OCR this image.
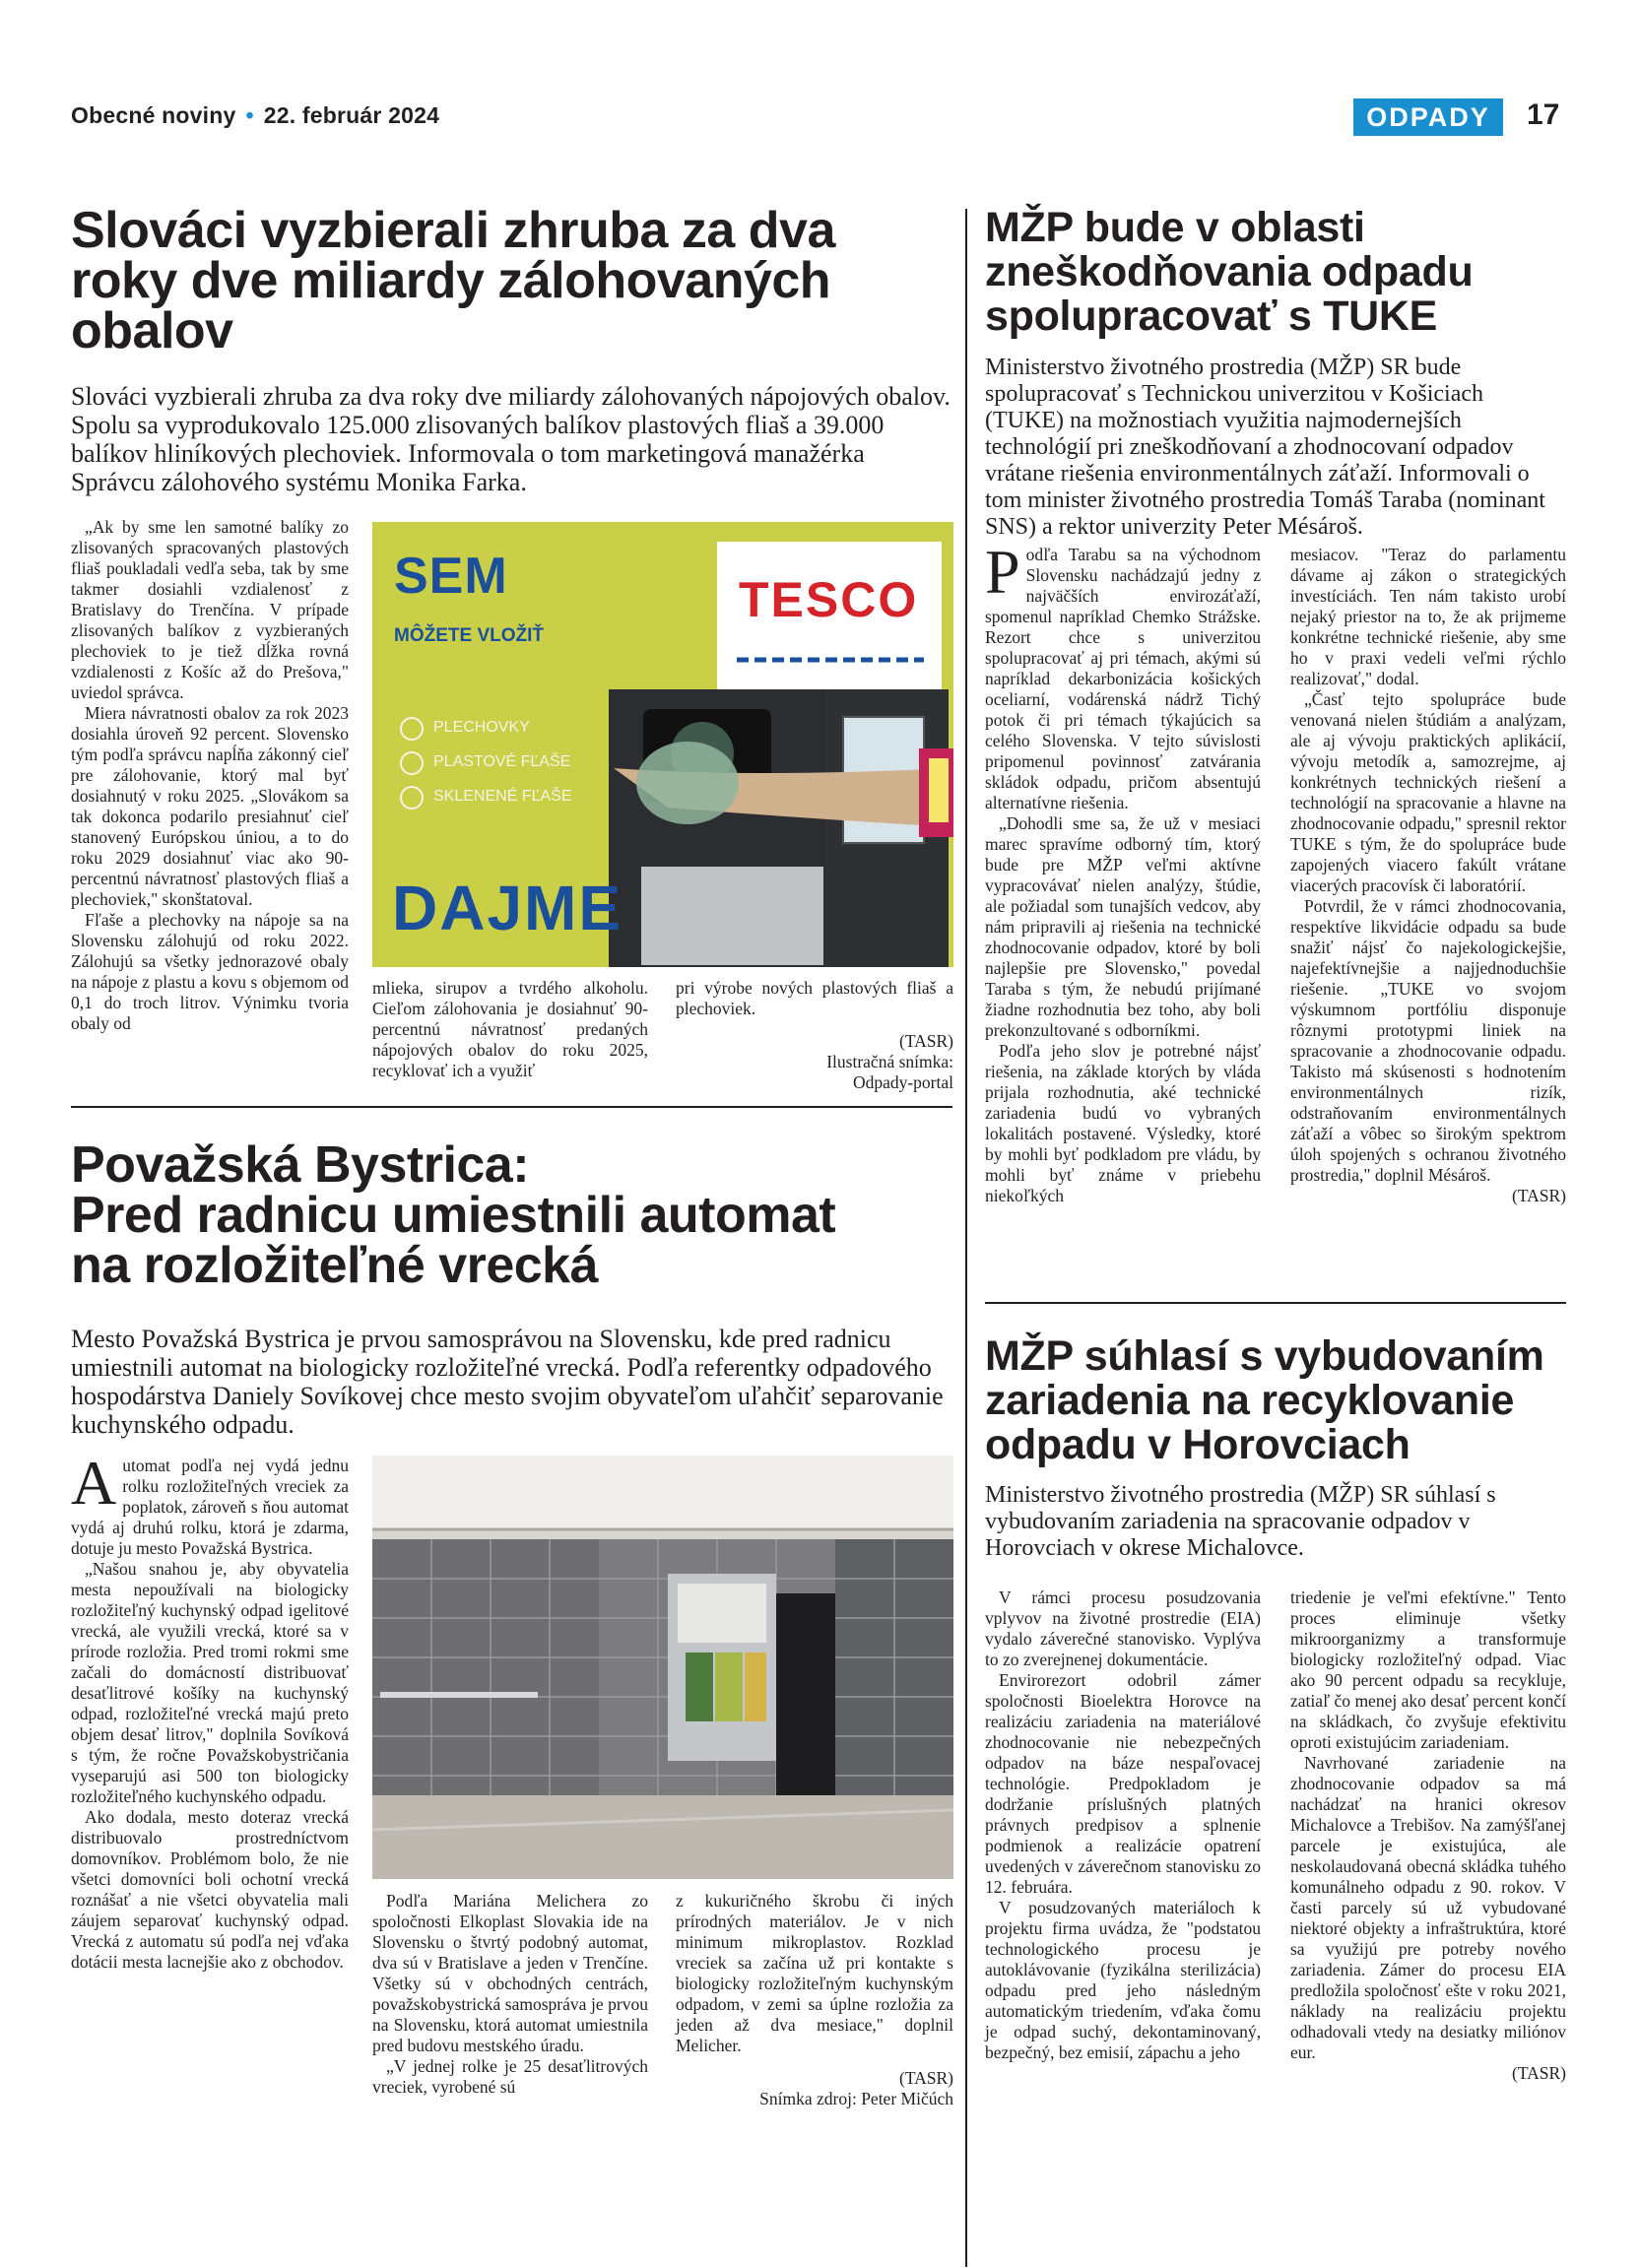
Obecné noviny • 22. február 2024	ODPADY	17
Slováci vyzbierali zhruba za dva roky dve miliardy zálohovaných obalov

Slováci vyzbierali zhruba za dva roky dve miliardy zálohovaných nápojových obalov. Spolu sa vyprodukovalo 125.000 zlisovaných balíkov plastových fliaš a 39.000 balíkov hliníkových plechoviek. Informovala o tom marketingová manažérka Správcu zálohového systému Monika Farka.

„Ak by sme len samotné balíky zo zlisovaných spracovaných plastových fliaš poukladali vedľa seba, tak by sme takmer dosiahli vzdialenosť z Bratislavy do Trenčína. V prípade zlisovaných balíkov z vyzbieraných plechoviek to je tiež dĺžka rovná vzdialenosti z Košíc až do Prešova," uviedol správca.

Miera návratnosti obalov za rok 2023 dosiahla úroveň 92 percent. Slovensko tým podľa správcu napĺňa zákonný cieľ pre zálohovanie, ktorý mal byť dosiahnutý v roku 2025. „Slovákom sa tak dokonca podarilo presiahnuť cieľ stanovený Európskou úniou, a to do roku 2029 dosiahnuť viac ako 90-percentnú návratnosť plastových fliaš a plechoviek," skonštatoval.

Fľaše a plechovky na nápoje sa na Slovensku zálohujú od roku 2022. Zálohujú sa všetky jednorazové obaly na nápoje z plastu a kovu s objemom od 0,1 do troch litrov. Výnimku tvoria obaly od

SEM
MÔŽETE VLOŽIŤ
TESCO
PLECHOVKY
PLASTOVÉ FĽAŠE
SKLENENÉ FĽAŠE
DAJME

mlieka, sirupov a tvrdého alkoholu. Cieľom zálohovania je dosiahnuť 90-percentnú návratnosť predaných nápojových obalov do roku 2025, recyklovať ich a využiť

pri výrobe nových plastových fliaš a plechoviek.

(TASR)

Ilustračná snímka:

Odpady-portal

Považská Bystrica:
Pred radnicu umiestnili automat
na rozložiteľné vrecká

Mesto Považská Bystrica je prvou samosprávou na Slovensku, kde pred radnicu umiestnili automat na biologicky rozložiteľné vrecká. Podľa referentky odpadového hospodárstva Daniely Sovíkovej chce mesto svojim obyvateľom uľahčiť separovanie kuchynského odpadu.

Automat podľa nej vydá jednu rolku rozložiteľných vreciek za poplatok, zároveň s ňou automat vydá aj druhú rolku, ktorá je zdarma, dotuje ju mesto Považská Bystrica.

„Našou snahou je, aby obyvatelia mesta nepoužívali na biologicky rozložiteľný kuchynský odpad igelitové vrecká, ale využili vrecká, ktoré sa v prírode rozložia. Pred tromi rokmi sme začali do domácností distribuovať desaťlitrové košíky na kuchynský odpad, rozložiteľné vrecká majú preto objem desať litrov," doplnila Sovíková s tým, že ročne Považskobystričania vyseparujú asi 500 ton biologicky rozložiteľného kuchynského odpadu.

Ako dodala, mesto doteraz vrecká distribuovalo prostredníctvom domovníkov. Problémom bolo, že nie všetci domovníci boli ochotní vrecká roznášať a nie všetci obyvatelia mali záujem separovať kuchynský odpad. Vrecká z automatu sú podľa nej vďaka dotácii mesta lacnejšie ako z obchodov.

Podľa Mariána Melichera zo spoločnosti Elkoplast Slovakia ide na Slovensku o štvrtý podobný automat, dva sú v Bratislave a jeden v Trenčíne. Všetky sú v obchodných centrách, považskobystrická samospráva je prvou na Slovensku, ktorá automat umiestnila pred budovu mestského úradu.

„V jednej rolke je 25 desaťlitrových vreciek, vyrobené sú

z kukuričného škrobu či iných prírodných materiálov. Je v nich minimum mikroplastov. Rozklad vreciek sa začína už pri kontakte s biologicky rozložiteľným kuchynským odpadom, v zemi sa úplne rozložia za jeden až dva mesiace," doplnil Melicher.

(TASR)

Snímka zdroj: Peter Mičúch

MŽP bude v oblasti
zneškodňovania odpadu
spolupracovať s TUKE

Ministerstvo životného prostredia (MŽP) SR bude spolupracovať s Technickou univerzitou v Košiciach (TUKE) na možnostiach využitia najmodernejších technológií pri zneškodňovaní a zhodnocovaní odpadov vrátane riešenia environmentálnych záťaží. Informovali o tom minister životného prostredia Tomáš Taraba (nominant SNS) a rektor univerzity Peter Mésároš.

Podľa Tarabu sa na východnom Slovensku nachádzajú jedny z najväčších envirozáťaží, spomenul napríklad Chemko Strážske. Rezort chce s univerzitou spolupracovať aj pri témach, akými sú napríklad dekarbonizácia košických oceliarní, vodárenská nádrž Tichý potok či pri témach týkajúcich sa celého Slovenska. V tejto súvislosti pripomenul povinnosť zatvárania skládok odpadu, pričom absentujú alternatívne riešenia.

„Dohodli sme sa, že už v mesiaci marec spravíme odborný tím, ktorý bude pre MŽP veľmi aktívne vypracovávať nielen analýzy, štúdie, ale požiadal som tunajších vedcov, aby nám pripravili aj riešenia na technické zhodnocovanie odpadov, ktoré by boli najlepšie pre Slovensko," povedal Taraba s tým, že nebudú prijímané žiadne rozhodnutia bez toho, aby boli prekonzultované s odborníkmi.

Podľa jeho slov je potrebné nájsť riešenia, na základe ktorých by vláda prijala rozhodnutia, aké technické zariadenia budú vo vybraných lokalitách postavené. Výsledky, ktoré by mohli byť podkladom pre vládu, by mohli byť známe v priebehu niekoľkých

mesiacov. "Teraz do parlamentu dávame aj zákon o strategických investíciách. Ten nám takisto urobí nejaký priestor na to, že ak prijmeme konkrétne technické riešenie, aby sme ho v praxi vedeli veľmi rýchlo realizovať," dodal.

„Časť tejto spolupráce bude venovaná nielen štúdiám a analýzam, ale aj vývoju praktických aplikácií, vývoju metodík a, samozrejme, aj konkrétnych technických riešení a technológií na spracovanie a hlavne na zhodnocovanie odpadu," spresnil rektor TUKE s tým, že do spolupráce bude zapojených viacero fakúlt vrátane viacerých pracovísk či laboratórií.

Potvrdil, že v rámci zhodnocovania, respektíve likvidácie odpadu sa bude snažiť nájsť čo najekologickejšie, najefektívnejšie a najjednoduchšie riešenie. „TUKE vo svojom výskumnom portfóliu disponuje rôznymi prototypmi liniek na spracovanie a zhodnocovanie odpadu. Takisto má skúsenosti s hodnotením environmentálnych rizík, odstraňovaním environmentálnych záťaží a vôbec so širokým spektrom úloh spojených s ochranou životného prostredia," doplnil Mésároš.

(TASR)

MŽP súhlasí s vybudovaním
zariadenia na recyklovanie
odpadu v Horovciach

Ministerstvo životného prostredia (MŽP) SR súhlasí s vybudovaním zariadenia na spracovanie odpadov v Horovciach v okrese Michalovce.

V rámci procesu posudzovania vplyvov na životné prostredie (EIA) vydalo záverečné stanovisko. Vyplýva to zo zverejnenej dokumentácie.

Envirorezort odobril zámer spoločnosti Bioelektra Horovce na realizáciu zariadenia na materiálové zhodnocovanie nie nebezpečných odpadov na báze nespaľovacej technológie. Predpokladom je dodržanie príslušných platných právnych predpisov a splnenie podmienok a realizácie opatrení uvedených v záverečnom stanovisku zo 12. februára.

V posudzovaných materiáloch k projektu firma uvádza, že "podstatou technologického procesu je autoklávovanie (fyzikálna sterilizácia) odpadu pred jeho následným automatickým triedením, vďaka čomu je odpad suchý, dekontaminovaný, bezpečný, bez emisií, zápachu a jeho

triedenie je veľmi efektívne." Tento proces eliminuje všetky mikroorganizmy a transformuje biologicky rozložiteľný odpad. Viac ako 90 percent odpadu sa recykluje, zatiaľ čo menej ako desať percent končí na skládkach, čo zvyšuje efektivitu oproti existujúcim zariadeniam.

Navrhované zariadenie na zhodnocovanie odpadov sa má nachádzať na hranici okresov Michalovce a Trebišov. Na zamýšľanej parcele je existujúca, ale neskolaudovaná obecná skládka tuhého komunálneho odpadu z 90. rokov. V časti parcely sú už vybudované niektoré objekty a infraštruktúra, ktoré sa využijú pre potreby nového zariadenia. Zámer do procesu EIA predložila spoločnosť ešte v roku 2021, náklady na realizáciu projektu odhadovali vtedy na desiatky miliónov eur.

(TASR)
